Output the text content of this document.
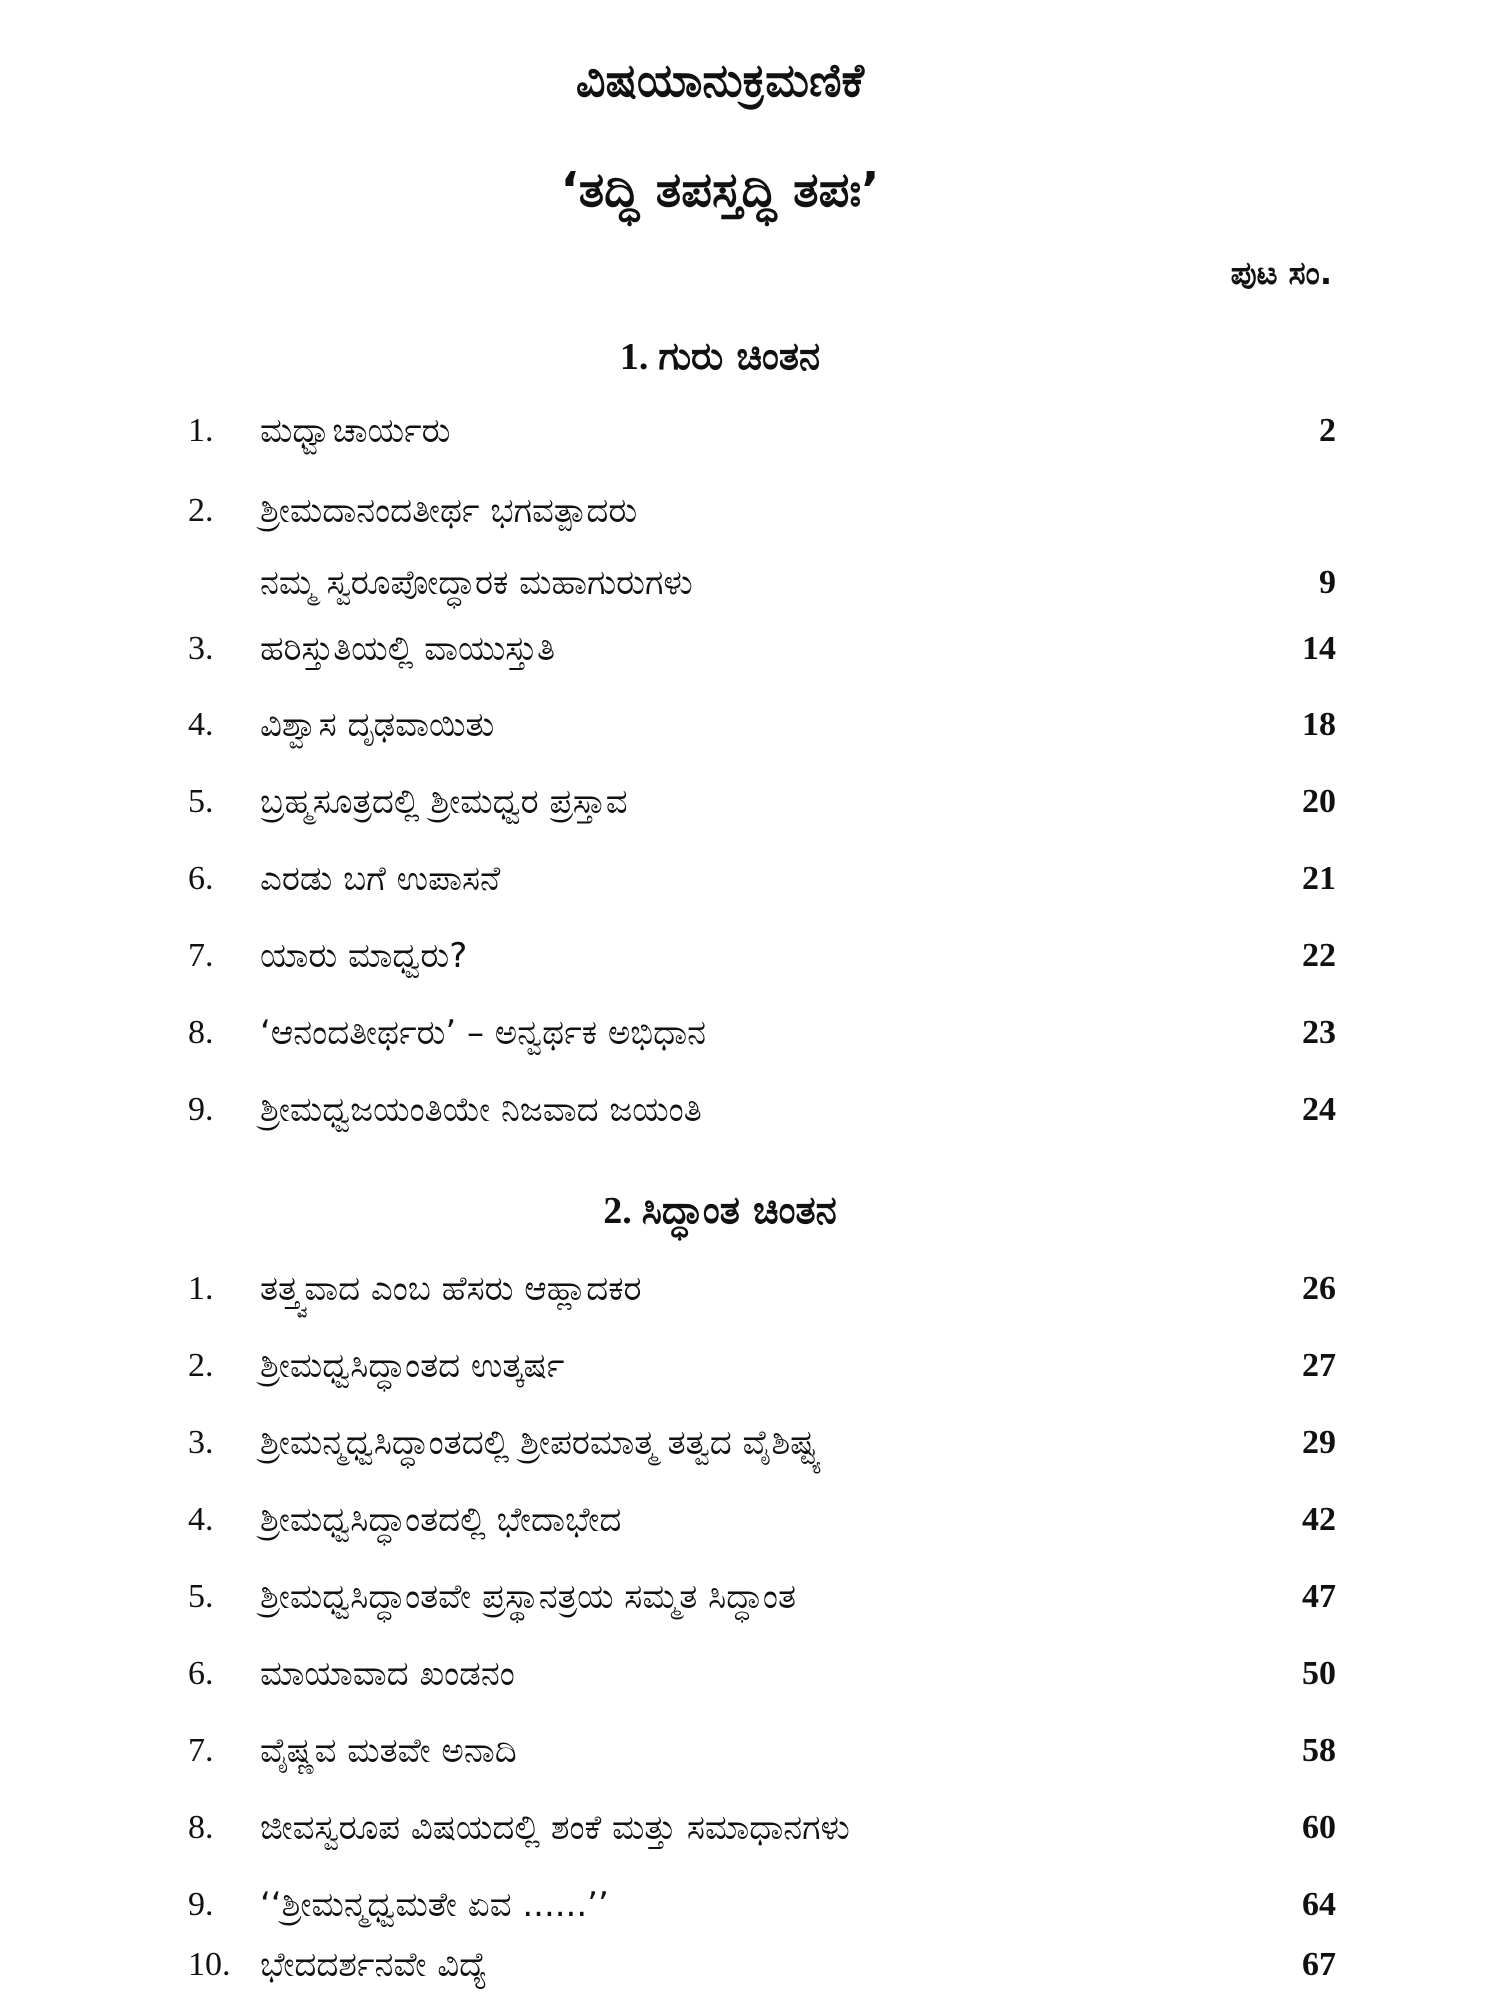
ವಿಷಯಾನುಕ್ರಮಣಿಕೆ
‘ತದ್ಧಿ ತಪಸ್ತದ್ಧಿ ತಪಃ’
ಪುಟ ಸಂ.
1. ಗುರು ಚಿಂತನ
1. ಮಧ್ವಾಚಾರ್ಯರು	2
2. ಶ್ರೀಮದಾನಂದತೀರ್ಥ ಭಗವತ್ಪಾದರು
ನಮ್ಮ ಸ್ವರೂಪೋದ್ಧಾರಕ ಮಹಾಗುರುಗಳು	9
3. ಹರಿಸ್ತುತಿಯಲ್ಲಿ ವಾಯುಸ್ತುತಿ	14
4. ವಿಶ್ವಾಸ ದೃಢವಾಯಿತು	18
5. ಬ್ರಹ್ಮಸೂತ್ರದಲ್ಲಿ ಶ್ರೀಮಧ್ವರ ಪ್ರಸ್ತಾವ	20
6. ಎರಡು ಬಗೆ ಉಪಾಸನೆ	21
7. ಯಾರು ಮಾಧ್ವರು?	22
8. ‘ಆನಂದತೀರ್ಥರು’ – ಅನ್ವರ್ಥಕ ಅಭಿಧಾನ	23
9. ಶ್ರೀಮಧ್ವಜಯಂತಿಯೇ ನಿಜವಾದ ಜಯಂತಿ	24
2. ಸಿದ್ಧಾಂತ ಚಿಂತನ
1. ತತ್ತ್ವವಾದ ಎಂಬ ಹೆಸರು ಆಹ್ಲಾದಕರ	26
2. ಶ್ರೀಮಧ್ವಸಿದ್ಧಾಂತದ ಉತ್ಕರ್ಷ	27
3. ಶ್ರೀಮನ್ಮಧ್ವಸಿದ್ಧಾಂತದಲ್ಲಿ ಶ್ರೀಪರಮಾತ್ಮ ತತ್ವದ ವೈಶಿಷ್ಟ್ಯ	29
4. ಶ್ರೀಮಧ್ವಸಿದ್ಧಾಂತದಲ್ಲಿ ಭೇದಾಭೇದ	42
5. ಶ್ರೀಮಧ್ವಸಿದ್ಧಾಂತವೇ ಪ್ರಸ್ಥಾನತ್ರಯ ಸಮ್ಮತ ಸಿದ್ಧಾಂತ	47
6. ಮಾಯಾವಾದ ಖಂಡನಂ	50
7. ವೈಷ್ಣವ ಮತವೇ ಅನಾದಿ	58
8. ಜೀವಸ್ವರೂಪ ವಿಷಯದಲ್ಲಿ ಶಂಕೆ ಮತ್ತು ಸಮಾಧಾನಗಳು	60
9. ‘‘ಶ್ರೀಮನ್ಮಧ್ವಮತೇ ಏವ ......’’	64
10. ಭೇದದರ್ಶನವೇ ವಿದ್ಯೆ	67
